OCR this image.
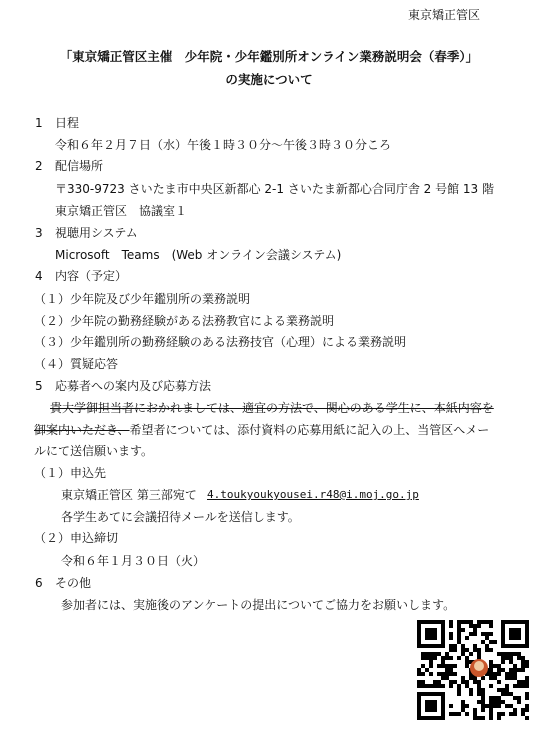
東京矯正管区
「東京矯正管区主催　少年院・少年鑑別所オンライン業務説明会（春季）」
の実施について
1 日程
令和６年２月７日（水）午後１時３０分〜午後３時３０分ころ
2 配信場所
〒330-9723 さいたま市中央区新都心 2-1 さいたま新都心合同庁舎 2 号館 13 階
東京矯正管区　協議室１
3 視聴用システム
Microsoft　Teams　(Web オンライン会議システム)
4 内容（予定）
（１）少年院及び少年鑑別所の業務説明
（２）少年院の勤務経験がある法務教官による業務説明
（３）少年鑑別所の勤務経験のある法務技官（心理）による業務説明
（４）質疑応答
5 応募者への案内及び応募方法
貴大学御担当者におかれましては、適宜の方法で、関心のある学生に、本紙内容を
御案内いただき、希望者については、添付資料の応募用紙に記入の上、当管区へメー
ルにて送信願います。
（１）申込先
東京矯正管区 第三部宛て 4.toukyoukyousei.r48@i.moj.go.jp
各学生あてに会議招待メールを送信します。
（２）申込締切
令和６年１月３０日（火）
6 その他
参加者には、実施後のアンケートの提出についてご協力をお願いします。
